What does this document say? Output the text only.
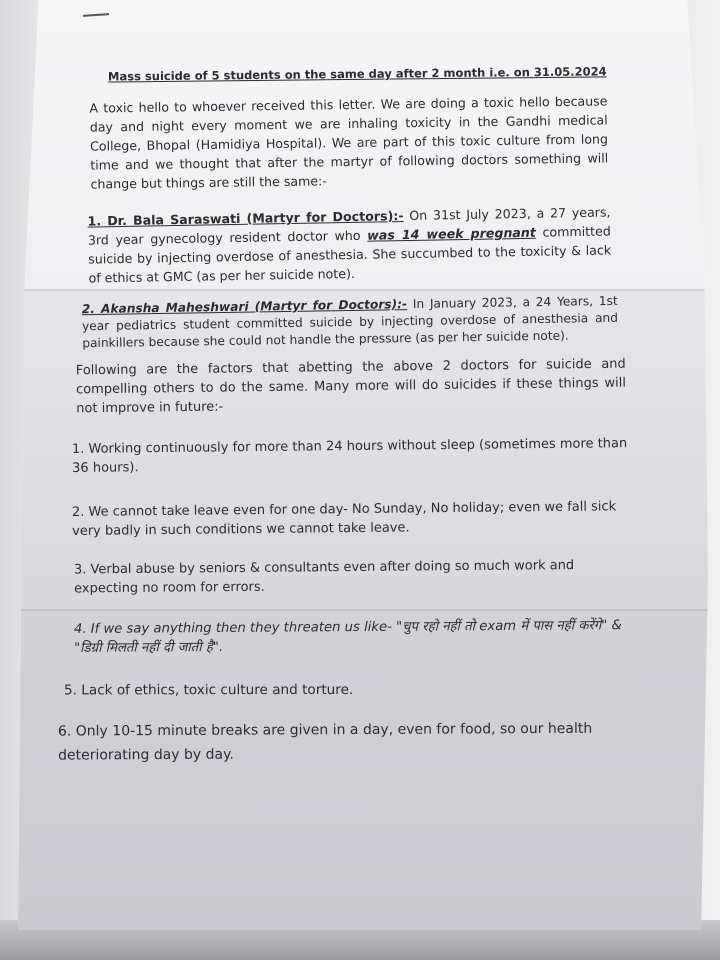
Mass suicide of 5 students on the same day after 2 month i.e. on 31.05.2024

A toxic hello to whoever received this letter. We are doing a toxic hello because day and night every moment we are inhaling toxicity in the Gandhi medical College, Bhopal (Hamidiya Hospital). We are part of this toxic culture from long time and we thought that after the martyr of following doctors something will change but things are still the same:-

1. Dr. Bala Saraswati (Martyr for Doctors):- On 31st July 2023, a 27 years, 3rd year gynecology resident doctor who was 14 week pregnant committed suicide by injecting overdose of anesthesia. She succumbed to the toxicity & lack of ethics at GMC (as per her suicide note).

2. Akansha Maheshwari (Martyr for Doctors):- In January 2023, a 24 Years, 1st year pediatrics student committed suicide by injecting overdose of anesthesia and painkillers because she could not handle the pressure (as per her suicide note).

Following are the factors that abetting the above 2 doctors for suicide and compelling others to do the same. Many more will do suicides if these things will not improve in future:-

1. Working continuously for more than 24 hours without sleep (sometimes more than 36 hours).

2. We cannot take leave even for one day- No Sunday, No holiday; even we fall sick very badly in such conditions we cannot take leave.

3. Verbal abuse by seniors & consultants even after doing so much work and expecting no room for errors.

4. If we say anything then they threaten us like- "चुप रहो नहीं तो exam में पास नहीं करेंगे" & "डिग्री मिलती नहीं दी जाती है".

5. Lack of ethics, toxic culture and torture.

6. Only 10-15 minute breaks are given in a day, even for food, so our health deteriorating day by day.
